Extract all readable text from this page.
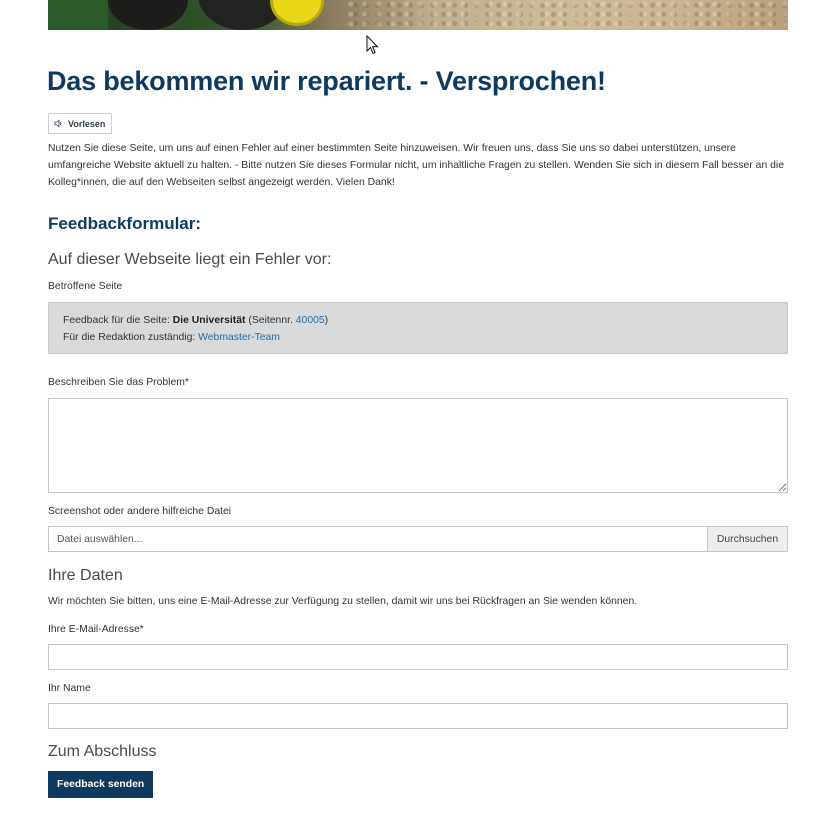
Das bekommen wir repariert. - Versprochen!
Vorlesen

Nutzen Sie diese Seite, um uns auf einen Fehler auf einer bestimmten Seite hinzuweisen. Wir freuen uns, dass Sie uns so dabei unterstützen, unsere umfangreiche Website aktuell zu halten. - Bitte nutzen Sie dieses Formular nicht, um inhaltliche Fragen zu stellen. Wenden Sie sich in diesem Fall besser an die Kolleg*innen, die auf den Webseiten selbst angezeigt werden. Vielen Dank!

Feedbackformular:
Auf dieser Webseite liegt ein Fehler vor:
Betroffene Seite
Feedback für die Seite: Die Universität (Seitennr. 40005)
Für die Redaktion zuständig: Webmaster-Team
Beschreiben Sie das Problem*
Screenshot oder andere hilfreiche Datei
Datei auswählen...	Durchsuchen
Ihre Daten

Wir möchten Sie bitten, uns eine E-Mail-Adresse zur Verfügung zu stellen, damit wir uns bei Rückfragen an Sie wenden können.

Ihre E-Mail-Adresse*
Ihr Name
Zum Abschluss
Feedback senden
